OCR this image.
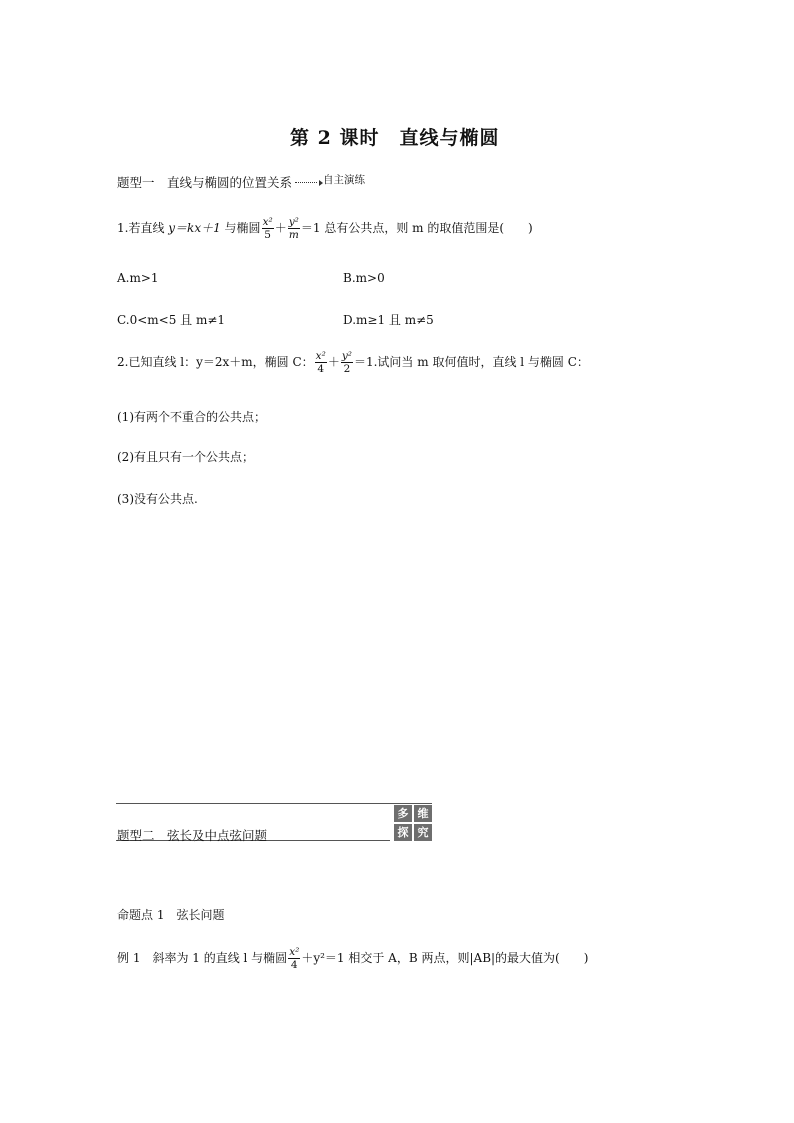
第 2 课时　直线与椭圆
题型一　直线与椭圆的位置关系	$^{自主演练}$
1.若直线 y＝kx＋1 与椭圆 $\frac{\text{x²}}{5} + \frac{\text{y²}}{m} =1$ 总有公共点，则 m 的取值范围是(　　)
A.m>1	B.m>0
C.0<m<5 且 m≠1	D.m≥1 且 m≠5
2.已知直线 l：y＝2x＋m，椭圆 C： $\frac{\text{x²}}{4} + \frac{\text{y²}}{2} =1$.试问当 m 取何值时，直线 l 与椭圆 C：
(1)有两个不重合的公共点；
(2)有且只有一个公共点；
(3)没有公共点.
题型二　弦长及中点弦问题
多 维
探 究
命题点 1　弦长问题
例 1　斜率为 1 的直线 l 与椭圆 $\frac{\text{x²}}{4} +y^2=1$ 相交于 A，B 两点，则|AB|的最大值为(　　)
